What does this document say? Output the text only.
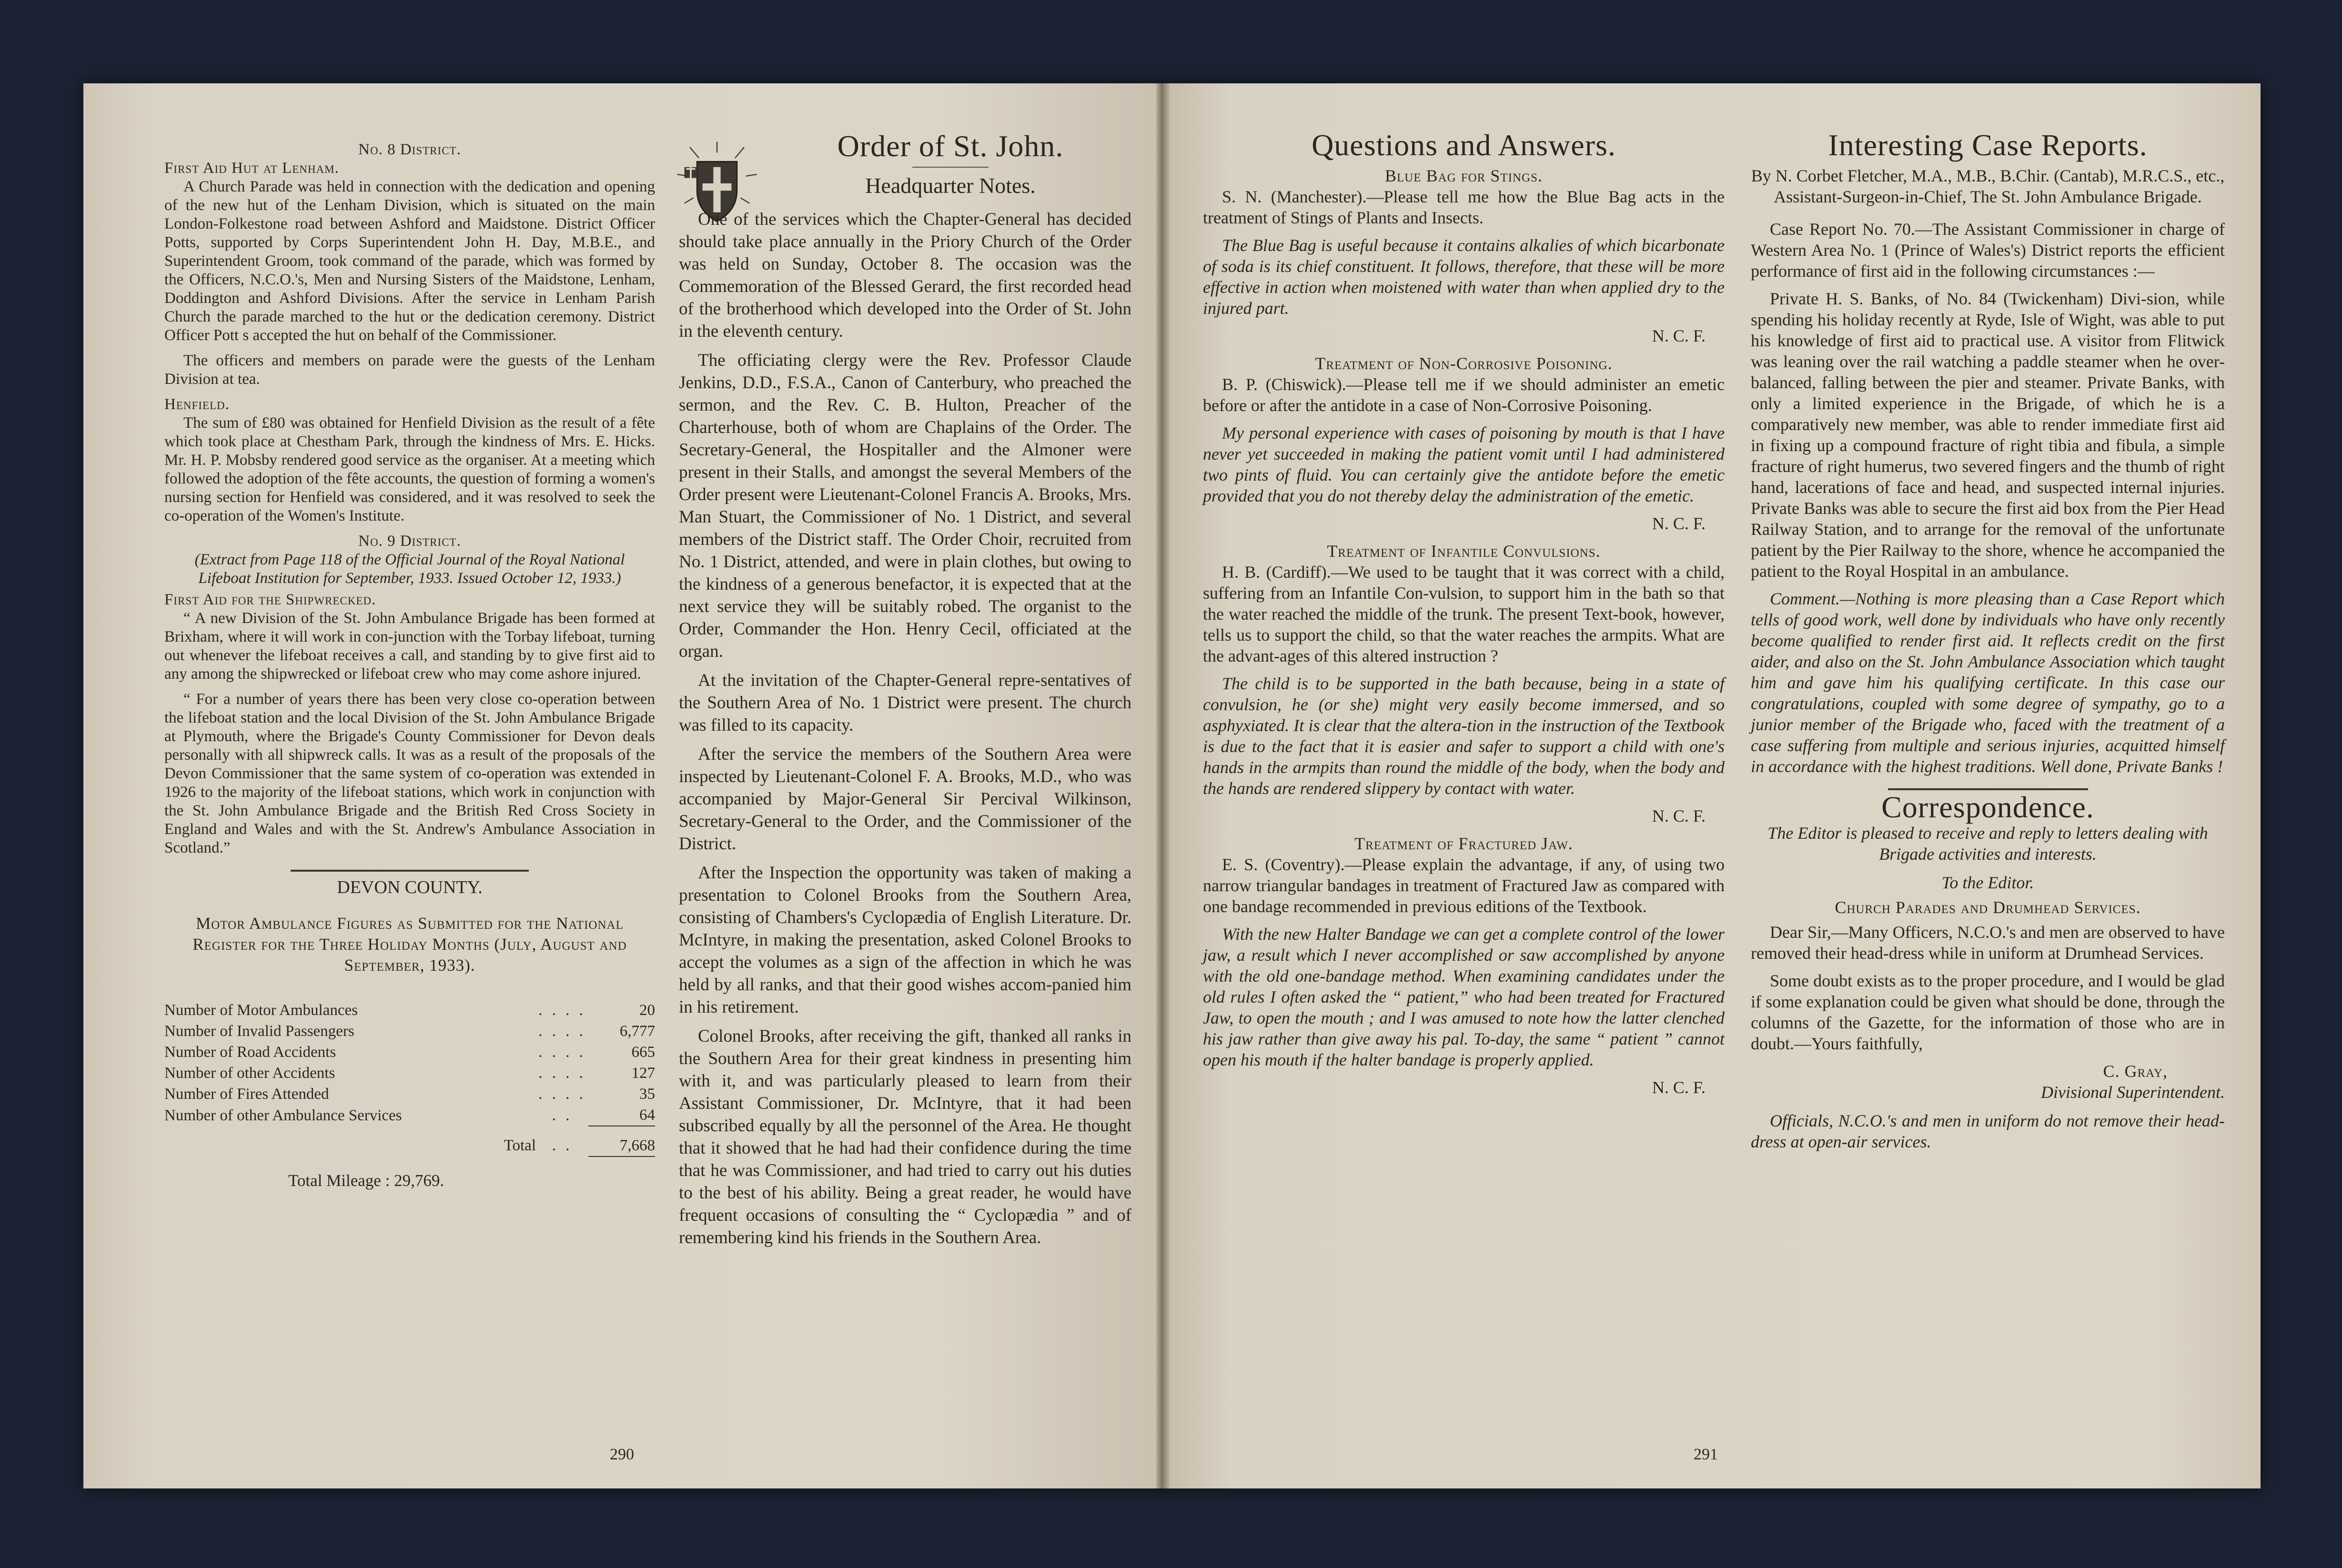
No. 8 District.
First Aid Hut at Lenham.

A Church Parade was held in connection with the dedication and opening of the new hut of the Lenham Division, which is situated on the main London-Folkestone road between Ashford and Maidstone. District Officer Potts, supported by Corps Superintendent John H. Day, M.B.E., and Superintendent Groom, took command of the parade, which was formed by the Officers, N.C.O.'s, Men and Nursing Sisters of the Maidstone, Lenham, Doddington and Ashford Divisions. After the service in Lenham Parish Church the parade marched to the hut or the dedication ceremony. District Officer Pott s accepted the hut on behalf of the Commissioner.

The officers and members on parade were the guests of the Lenham Division at tea.

Henfield.

The sum of £80 was obtained for Henfield Division as the result of a fête which took place at Chestham Park, through the kindness of Mrs. E. Hicks. Mr. H. P. Mobsby rendered good service as the organiser. At a meeting which followed the adoption of the fête accounts, the question of forming a women's nursing section for Henfield was considered, and it was resolved to seek the co-operation of the Women's Institute.

No. 9 District.
(Extract from Page 118 of the Official Journal of the Royal National Lifeboat Institution for September, 1933. Issued October 12, 1933.)
First Aid for the Shipwrecked.

“ A new Division of the St. John Ambulance Brigade has been formed at Brixham, where it will work in con-junction with the Torbay lifeboat, turning out whenever the lifeboat receives a call, and standing by to give first aid to any among the shipwrecked or lifeboat crew who may come ashore injured.

“ For a number of years there has been very close co-operation between the lifeboat station and the local Division of the St. John Ambulance Brigade at Plymouth, where the Brigade's County Commissioner for Devon deals personally with all shipwreck calls. It was as a result of the proposals of the Devon Commissioner that the same system of co-operation was extended in 1926 to the majority of the lifeboat stations, which work in conjunction with the St. John Ambulance Brigade and the British Red Cross Society in England and Wales and with the St. Andrew's Ambulance Association in Scotland.”

DEVON COUNTY.
Motor Ambulance Figures as Submitted for the National Register for the Three Holiday Months (July, August and September, 1933).
Number of Motor Ambulances	. . . .	20
Number of Invalid Passengers	. . . .	6,777
Number of Road Accidents	. . . .	665
Number of other Accidents	. . . .	127
Number of Fires Attended	. . . .	35
Number of other Ambulance Services	. .	64
Total	. .	7,668
Total Mileage : 29,769.
Order of St. John.
Headquarter Notes.

One of the services which the Chapter-General has decided should take place annually in the Priory Church of the Order was held on Sunday, October 8. The occasion was the Commemoration of the Blessed Gerard, the first recorded head of the brotherhood which developed into the Order of St. John in the eleventh century.

The officiating clergy were the Rev. Professor Claude Jenkins, D.D., F.S.A., Canon of Canterbury, who preached the sermon, and the Rev. C. B. Hulton, Preacher of the Charterhouse, both of whom are Chaplains of the Order. The Secretary-General, the Hospitaller and the Almoner were present in their Stalls, and amongst the several Members of the Order present were Lieutenant-Colonel Francis A. Brooks, Mrs. Man Stuart, the Commissioner of No. 1 District, and several members of the District staff. The Order Choir, recruited from No. 1 District, attended, and were in plain clothes, but owing to the kindness of a generous benefactor, it is expected that at the next service they will be suitably robed. The organist to the Order, Commander the Hon. Henry Cecil, officiated at the organ.

At the invitation of the Chapter-General repre-sentatives of the Southern Area of No. 1 District were present. The church was filled to its capacity.

After the service the members of the Southern Area were inspected by Lieutenant-Colonel F. A. Brooks, M.D., who was accompanied by Major-General Sir Percival Wilkinson, Secretary-General to the Order, and the Commissioner of the District.

After the Inspection the opportunity was taken of making a presentation to Colonel Brooks from the Southern Area, consisting of Chambers's Cyclopædia of English Literature. Dr. McIntyre, in making the presentation, asked Colonel Brooks to accept the volumes as a sign of the affection in which he was held by all ranks, and that their good wishes accom-panied him in his retirement.

Colonel Brooks, after receiving the gift, thanked all ranks in the Southern Area for their great kindness in presenting him with it, and was particularly pleased to learn from their Assistant Commissioner, Dr. McIntyre, that it had been subscribed equally by all the personnel of the Area. He thought that it showed that he had had their confidence during the time that he was Commissioner, and had tried to carry out his duties to the best of his ability. Being a great reader, he would have frequent occasions of consulting the “ Cyclopædia ” and of remembering kind his friends in the Southern Area.

290
Questions and Answers.
Blue Bag for Stings.

S. N. (Manchester).—Please tell me how the Blue Bag acts in the treatment of Stings of Plants and Insects.

The Blue Bag is useful because it contains alkalies of which bicarbonate of soda is its chief constituent. It follows, therefore, that these will be more effective in action when moistened with water than when applied dry to the injured part.

N. C. F.
Treatment of Non-Corrosive Poisoning.

B. P. (Chiswick).—Please tell me if we should administer an emetic before or after the antidote in a case of Non-Corrosive Poisoning.

My personal experience with cases of poisoning by mouth is that I have never yet succeeded in making the patient vomit until I had administered two pints of fluid. You can certainly give the antidote before the emetic provided that you do not thereby delay the administration of the emetic.

N. C. F.
Treatment of Infantile Convulsions.

H. B. (Cardiff).—We used to be taught that it was correct with a child, suffering from an Infantile Con-vulsion, to support him in the bath so that the water reached the middle of the trunk. The present Text-book, however, tells us to support the child, so that the water reaches the armpits. What are the advant-ages of this altered instruction ?

The child is to be supported in the bath because, being in a state of convulsion, he (or she) might very easily become immersed, and so asphyxiated. It is clear that the altera-tion in the instruction of the Textbook is due to the fact that it is easier and safer to support a child with one's hands in the armpits than round the middle of the body, when the body and the hands are rendered slippery by contact with water.

N. C. F.
Treatment of Fractured Jaw.

E. S. (Coventry).—Please explain the advantage, if any, of using two narrow triangular bandages in treatment of Fractured Jaw as compared with one bandage recommended in previous editions of the Textbook.

With the new Halter Bandage we can get a complete control of the lower jaw, a result which I never accomplished or saw accomplished by anyone with the old one-bandage method. When examining candidates under the old rules I often asked the “ patient,” who had been treated for Fractured Jaw, to open the mouth ; and I was amused to note how the latter clenched his jaw rather than give away his pal. To-day, the same “ patient ” cannot open his mouth if the halter bandage is properly applied.

N. C. F.
291
Interesting Case Reports.
By N. Corbet Fletcher, M.A., M.B., B.Chir. (Cantab), M.R.C.S., etc., Assistant-Surgeon-in-Chief, The St. John Ambulance Brigade.

Case Report No. 70.—The Assistant Commissioner in charge of Western Area No. 1 (Prince of Wales's) District reports the efficient performance of first aid in the following circumstances :—

Private H. S. Banks, of No. 84 (Twickenham) Divi-sion, while spending his holiday recently at Ryde, Isle of Wight, was able to put his knowledge of first aid to practical use. A visitor from Flitwick was leaning over the rail watching a paddle steamer when he over-balanced, falling between the pier and steamer. Private Banks, with only a limited experience in the Brigade, of which he is a comparatively new member, was able to render immediate first aid in fixing up a compound fracture of right tibia and fibula, a simple fracture of right humerus, two severed fingers and the thumb of right hand, lacerations of face and head, and suspected internal injuries. Private Banks was able to secure the first aid box from the Pier Head Railway Station, and to arrange for the removal of the unfortunate patient by the Pier Railway to the shore, whence he accompanied the patient to the Royal Hospital in an ambulance.

Comment.—Nothing is more pleasing than a Case Report which tells of good work, well done by individuals who have only recently become qualified to render first aid. It reflects credit on the first aider, and also on the St. John Ambulance Association which taught him and gave him his qualifying certificate. In this case our congratulations, coupled with some degree of sympathy, go to a junior member of the Brigade who, faced with the treatment of a case suffering from multiple and serious injuries, acquitted himself in accordance with the highest traditions. Well done, Private Banks !

Correspondence.
The Editor is pleased to receive and reply to letters dealing with Brigade activities and interests.
To the Editor.
Church Parades and Drumhead Services.

Dear Sir,—Many Officers, N.C.O.'s and men are observed to have removed their head-dress while in uniform at Drumhead Services.

Some doubt exists as to the proper procedure, and I would be glad if some explanation could be given what should be done, through the columns of the Gazette, for the information of those who are in doubt.—Yours faithfully,

C. Gray,
Divisional Superintendent.

Officials, N.C.O.'s and men in uniform do not remove their head-dress at open-air services.
